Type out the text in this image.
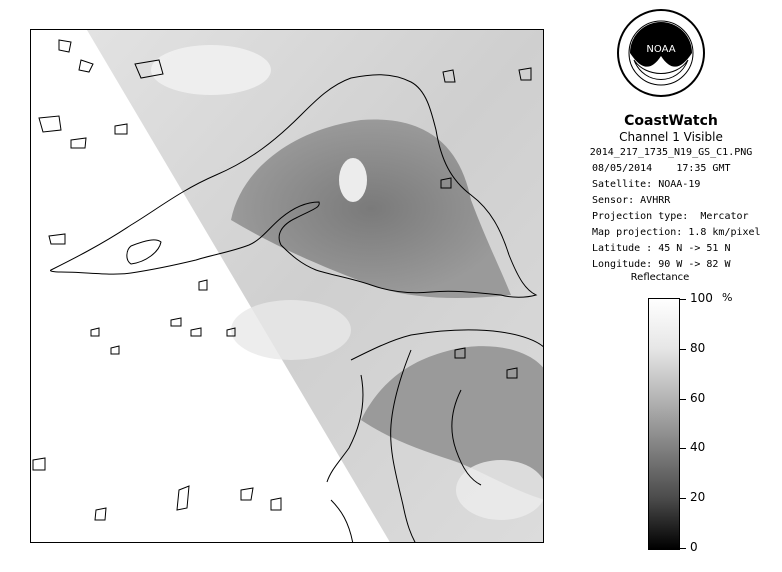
NOAA
CoastWatch
Channel 1 Visible
2014_217_1735_N19_GS_C1.PNG
08/05/2014 17:35 GMT
Satellite: NOAA-19
Sensor: AVHRR
Projection type:  Mercator
Map projection: 1.8 km/pixel
Latitude : 45 N -> 51 N
Longitude: 90 W -> 82 W
Reflectance
%
100
80
60
40
20
0
